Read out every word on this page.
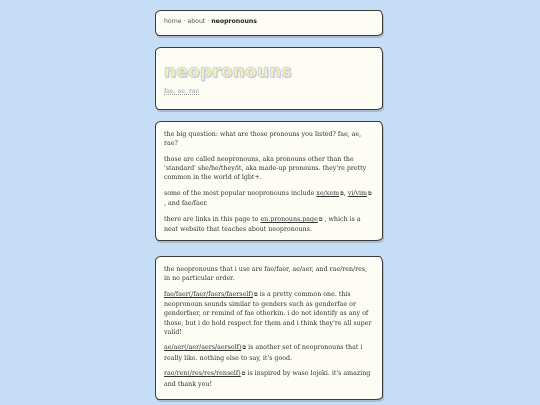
home · about · neopronouns
neopronouns
fae, ae, rae

the big question: what are those pronouns you listed? fae, ae, rae?

those are called neopronouns, aka pronouns other than the 'standard' she/he/they/it, aka made-up pronouns. they're pretty common in the world of lgbt+.

some of the most popular neopronouns include xe/xem⧉, vi/vim⧉ , and fae/faer.

there are links in this page to en.pronouns.page⧉ , which is a neat website that teaches about neopronouns.

the neopronouns that i use are fae/faer, ae/aer, and rae/ren/res, in no particular order.

fae/faer(/faer/faers/faerself)⧉ is a pretty common one. this neopronoun sounds similar to genders such as genderfae or genderfaer, or remind of fae otherkin. i do not identify as any of those, but i do hold respect for them and i think they're all super valid!

ae/aer(/aer/aers/aerself)⧉ is another set of neopronouns that i really like. nothing else to say, it's good.

rae/ren(/res/res/renself)⧉ is inspired by waso lojeki. it's amazing and thank you!
